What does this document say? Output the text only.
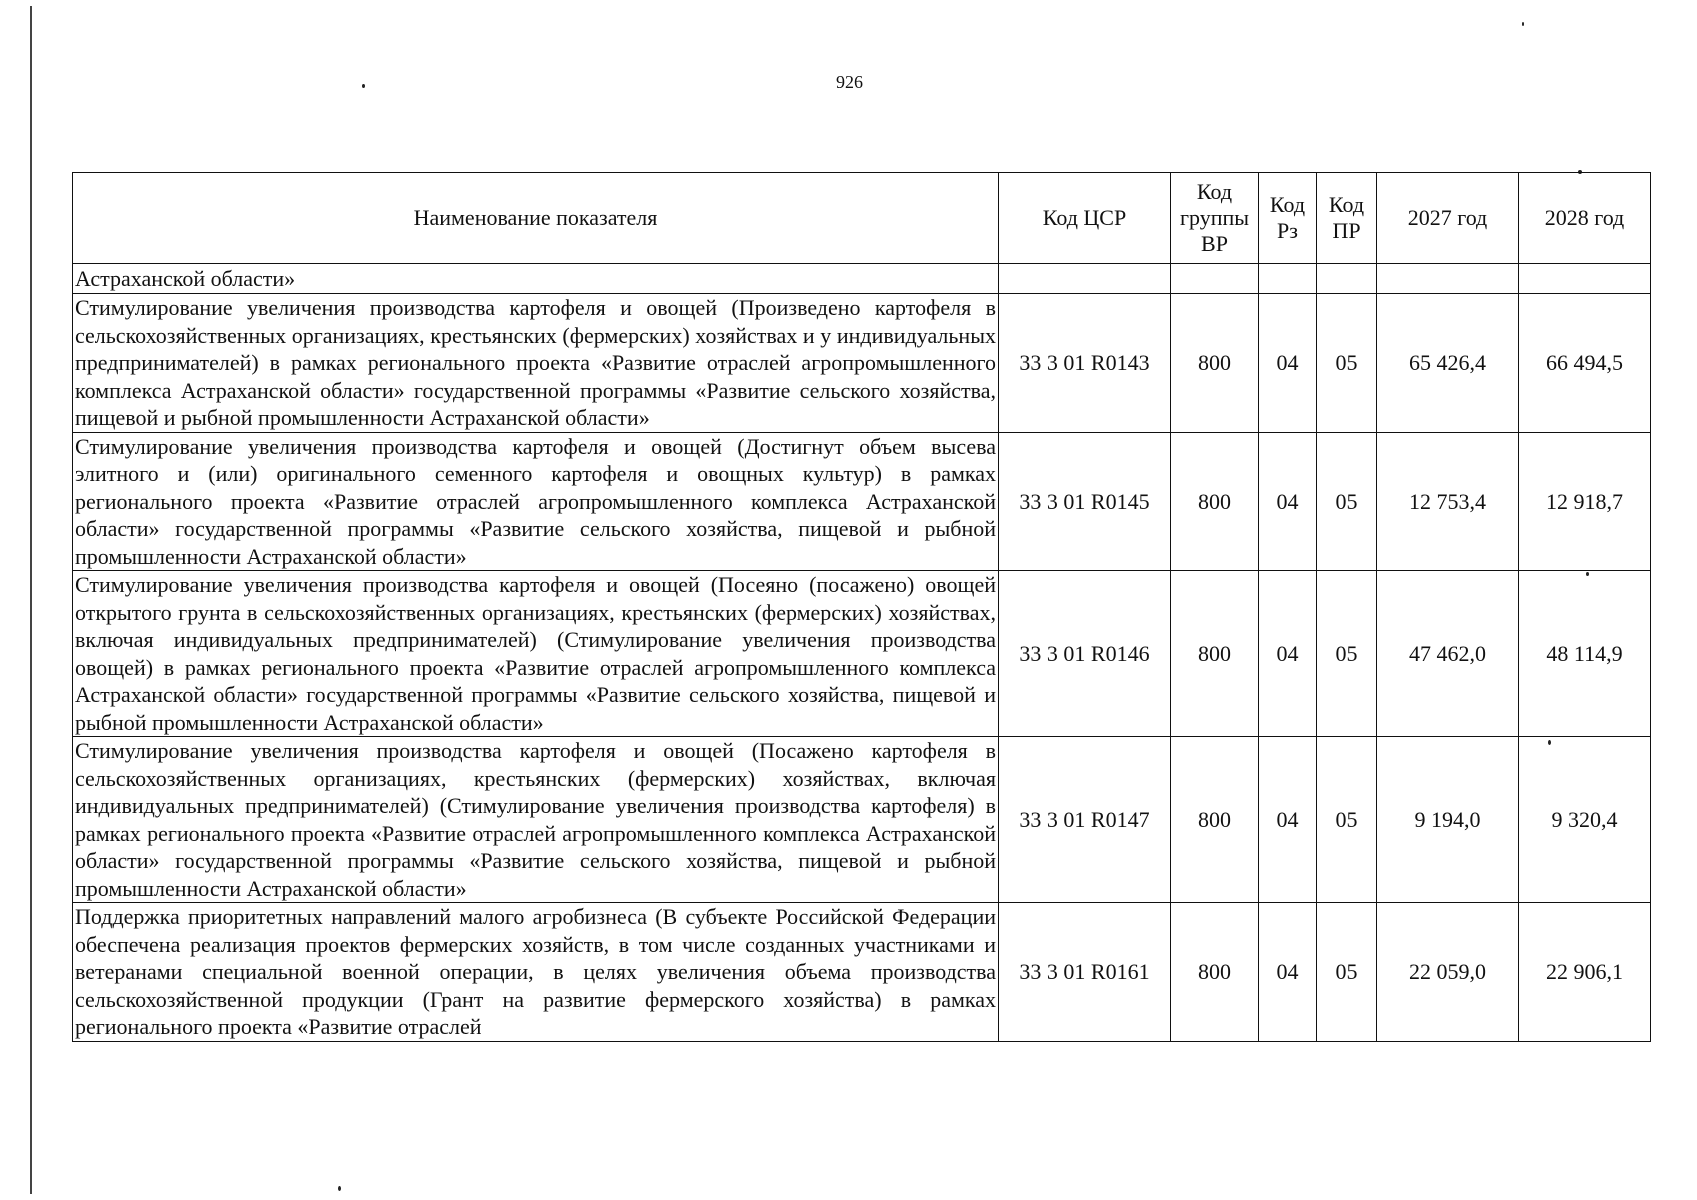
926
Наименование показателя	Код ЦСР	Код группы ВР	Код Рз	Код ПР	2027 год	2028 год
Астраханской области»						
Стимулирование увеличения производства картофеля и овощей (Произведено картофеля в сельскохозяйственных организациях, крестьянских (фермерских) хозяйствах и у индивидуальных предпринимателей) в рамках регионального проекта «Развитие отраслей агропромышленного комплекса Астраханской области» государственной программы «Развитие сельского хозяйства, пищевой и рыбной промышленности Астраханской области»	33 3 01 R0143	800	04	05	65 426,4	66 494,5
Стимулирование увеличения производства картофеля и овощей (Достигнут объем высева элитного и (или) оригинального семенного картофеля и овощных культур) в рамках регионального проекта «Развитие отраслей агропромышленного комплекса Астраханской области» государственной программы «Развитие сельского хозяйства, пищевой и рыбной промышленности Астраханской области»	33 3 01 R0145	800	04	05	12 753,4	12 918,7
Стимулирование увеличения производства картофеля и овощей (Посеяно (посажено) овощей открытого грунта в сельскохозяйственных организациях, крестьянских (фермерских) хозяйствах, включая индивидуальных предпринимателей) (Стимулирование увеличения производства овощей) в рамках регионального проекта «Развитие отраслей агропромышленного комплекса Астраханской области» государственной программы «Развитие сельского хозяйства, пищевой и рыбной промышленности Астраханской области»	33 3 01 R0146	800	04	05	47 462,0	48 114,9
Стимулирование увеличения производства картофеля и овощей (Посажено картофеля в сельскохозяйственных организациях, крестьянских (фермерских) хозяйствах, включая индивидуальных предпринимателей) (Стимулирование увеличения производства картофеля) в рамках регионального проекта «Развитие отраслей агропромышленного комплекса Астраханской области» государственной программы «Развитие сельского хозяйства, пищевой и рыбной промышленности Астраханской области»	33 3 01 R0147	800	04	05	9 194,0	9 320,4
Поддержка приоритетных направлений малого агробизнеса (В субъекте Российской Федерации обеспечена реализация проектов фермерских хозяйств, в том числе созданных участниками и ветеранами специальной военной операции, в целях увеличения объема производства сельскохозяйственной продукции (Грант на развитие фермерского хозяйства) в рамках регионального проекта «Развитие отраслей	33 3 01 R0161	800	04	05	22 059,0	22 906,1
